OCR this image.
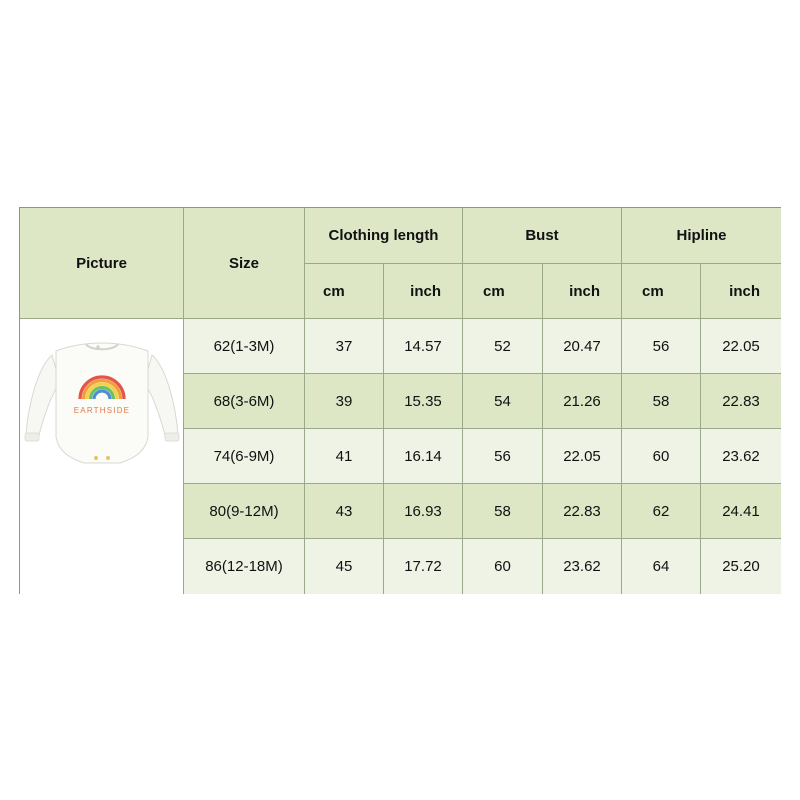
Picture	Size
Clothing length	Bust	Hipline
cm	inch	cm	inch	cm	inch
EARTHSIDE
62(1-3M)	37	14.57	52	20.47	56	22.05
68(3-6M)	39	15.35	54	21.26	58	22.83
74(6-9M)	41	16.14	56	22.05	60	23.62
80(9-12M)	43	16.93	58	22.83	62	24.41
86(12-18M)	45	17.72	60	23.62	64	25.20
